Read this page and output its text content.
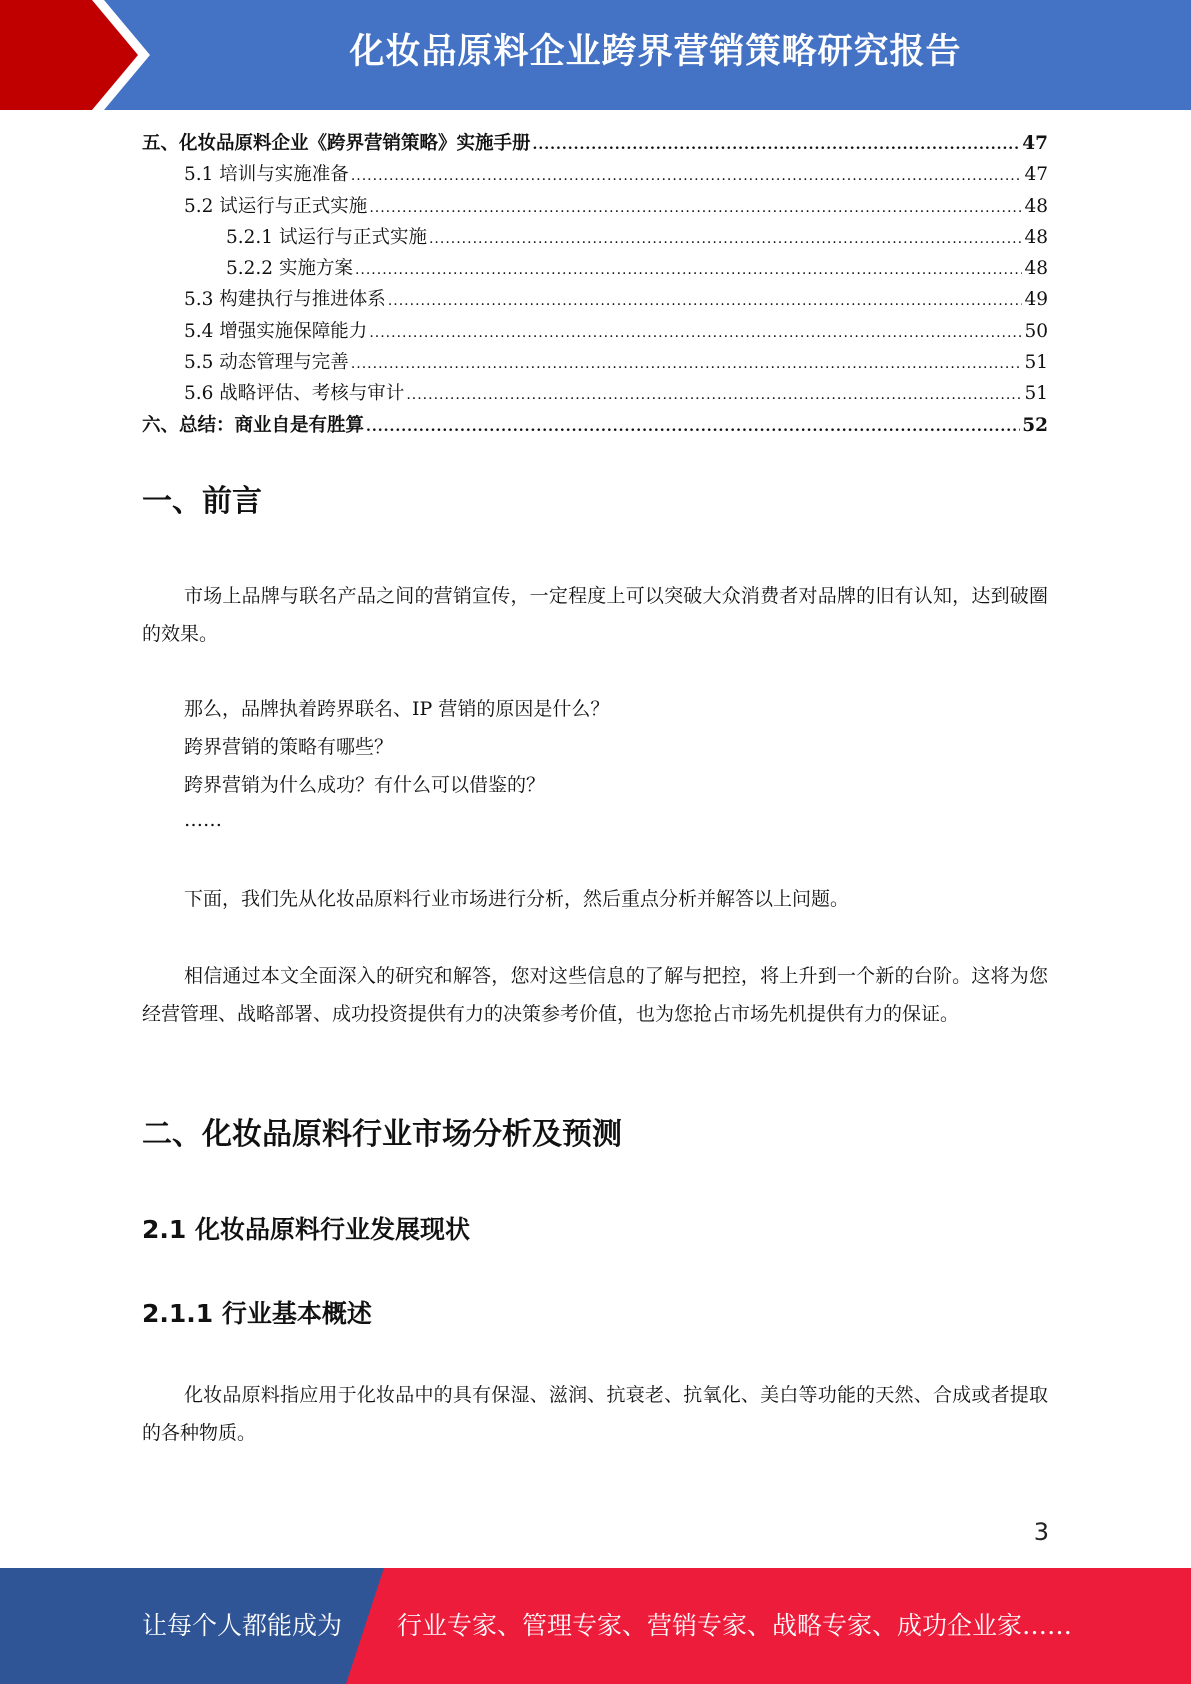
化妆品原料企业跨界营销策略研究报告
五、化妆品原料企业《跨界营销策略》实施手册 .....	47
5.1 培训与实施准备 .....	47
5.2 试运行与正式实施 .....	48
5.2.1 试运行与正式实施 .....	48
5.2.2 实施方案 .....	48
5.3 构建执行与推进体系 .....	49
5.4 增强实施保障能力 .....	50
5.5 动态管理与完善 .....	51
5.6 战略评估、考核与审计 .....	51
六、总结：商业自是有胜算 .....	52
一、前言

市场上品牌与联名产品之间的营销宣传，一定程度上可以突破大众消费者对品牌的旧有认知，达到破圈的效果。

那么，品牌执着跨界联名、IP 营销的原因是什么？

跨界营销的策略有哪些？

跨界营销为什么成功？有什么可以借鉴的？

……

下面，我们先从化妆品原料行业市场进行分析，然后重点分析并解答以上问题。

相信通过本文全面深入的研究和解答，您对这些信息的了解与把控，将上升到一个新的台阶。这将为您经营管理、战略部署、成功投资提供有力的决策参考价值，也为您抢占市场先机提供有力的保证。

二、化妆品原料行业市场分析及预测
2.1 化妆品原料行业发展现状
2.1.1 行业基本概述

化妆品原料指应用于化妆品中的具有保湿、滋润、抗衰老、抗氧化、美白等功能的天然、合成或者提取的各种物质。

3
让每个人都能成为 行业专家、管理专家、营销专家、战略专家、成功企业家……
